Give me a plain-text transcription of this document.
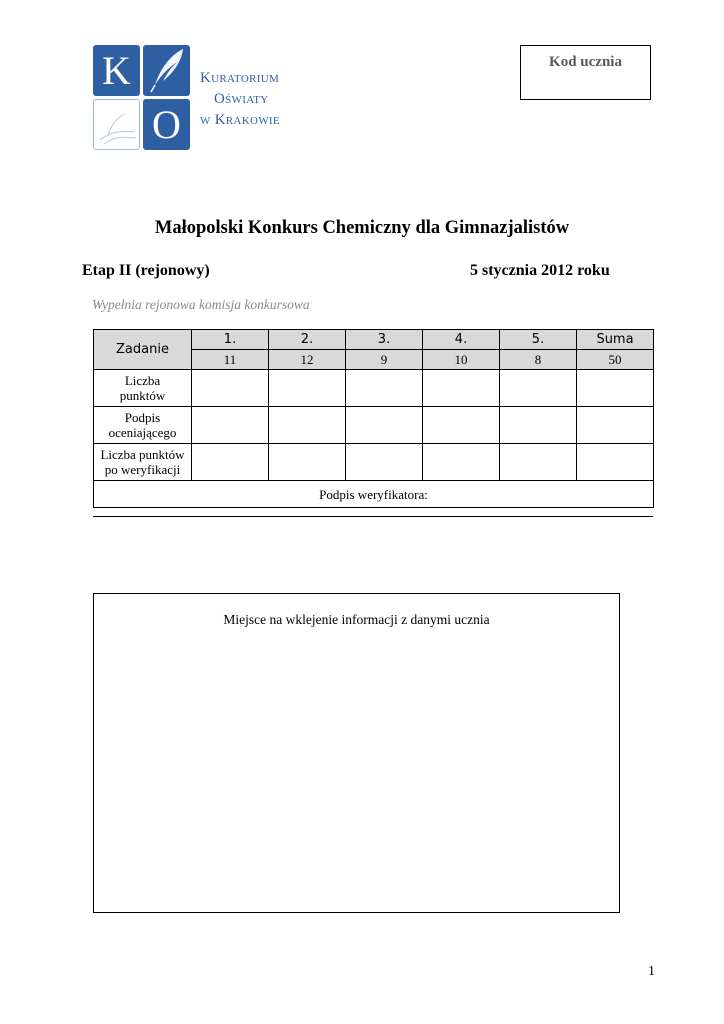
K
O
Kuratorium
Oświaty
w Krakowie
Kod ucznia
Małopolski Konkurs Chemiczny dla Gimnazjalistów
Etap II (rejonowy)	5 stycznia 2012 roku
Wypełnia rejonowa komisja konkursowa
Zadanie	1.	2.	3.	4.	5.	Suma
	11	12	9	10	8	50
Liczba
punktów						
Podpis
oceniającego						
Liczba punktów
po weryfikacji						
Podpis weryfikatora:						
Miejsce na wklejenie informacji z danymi ucznia
1
